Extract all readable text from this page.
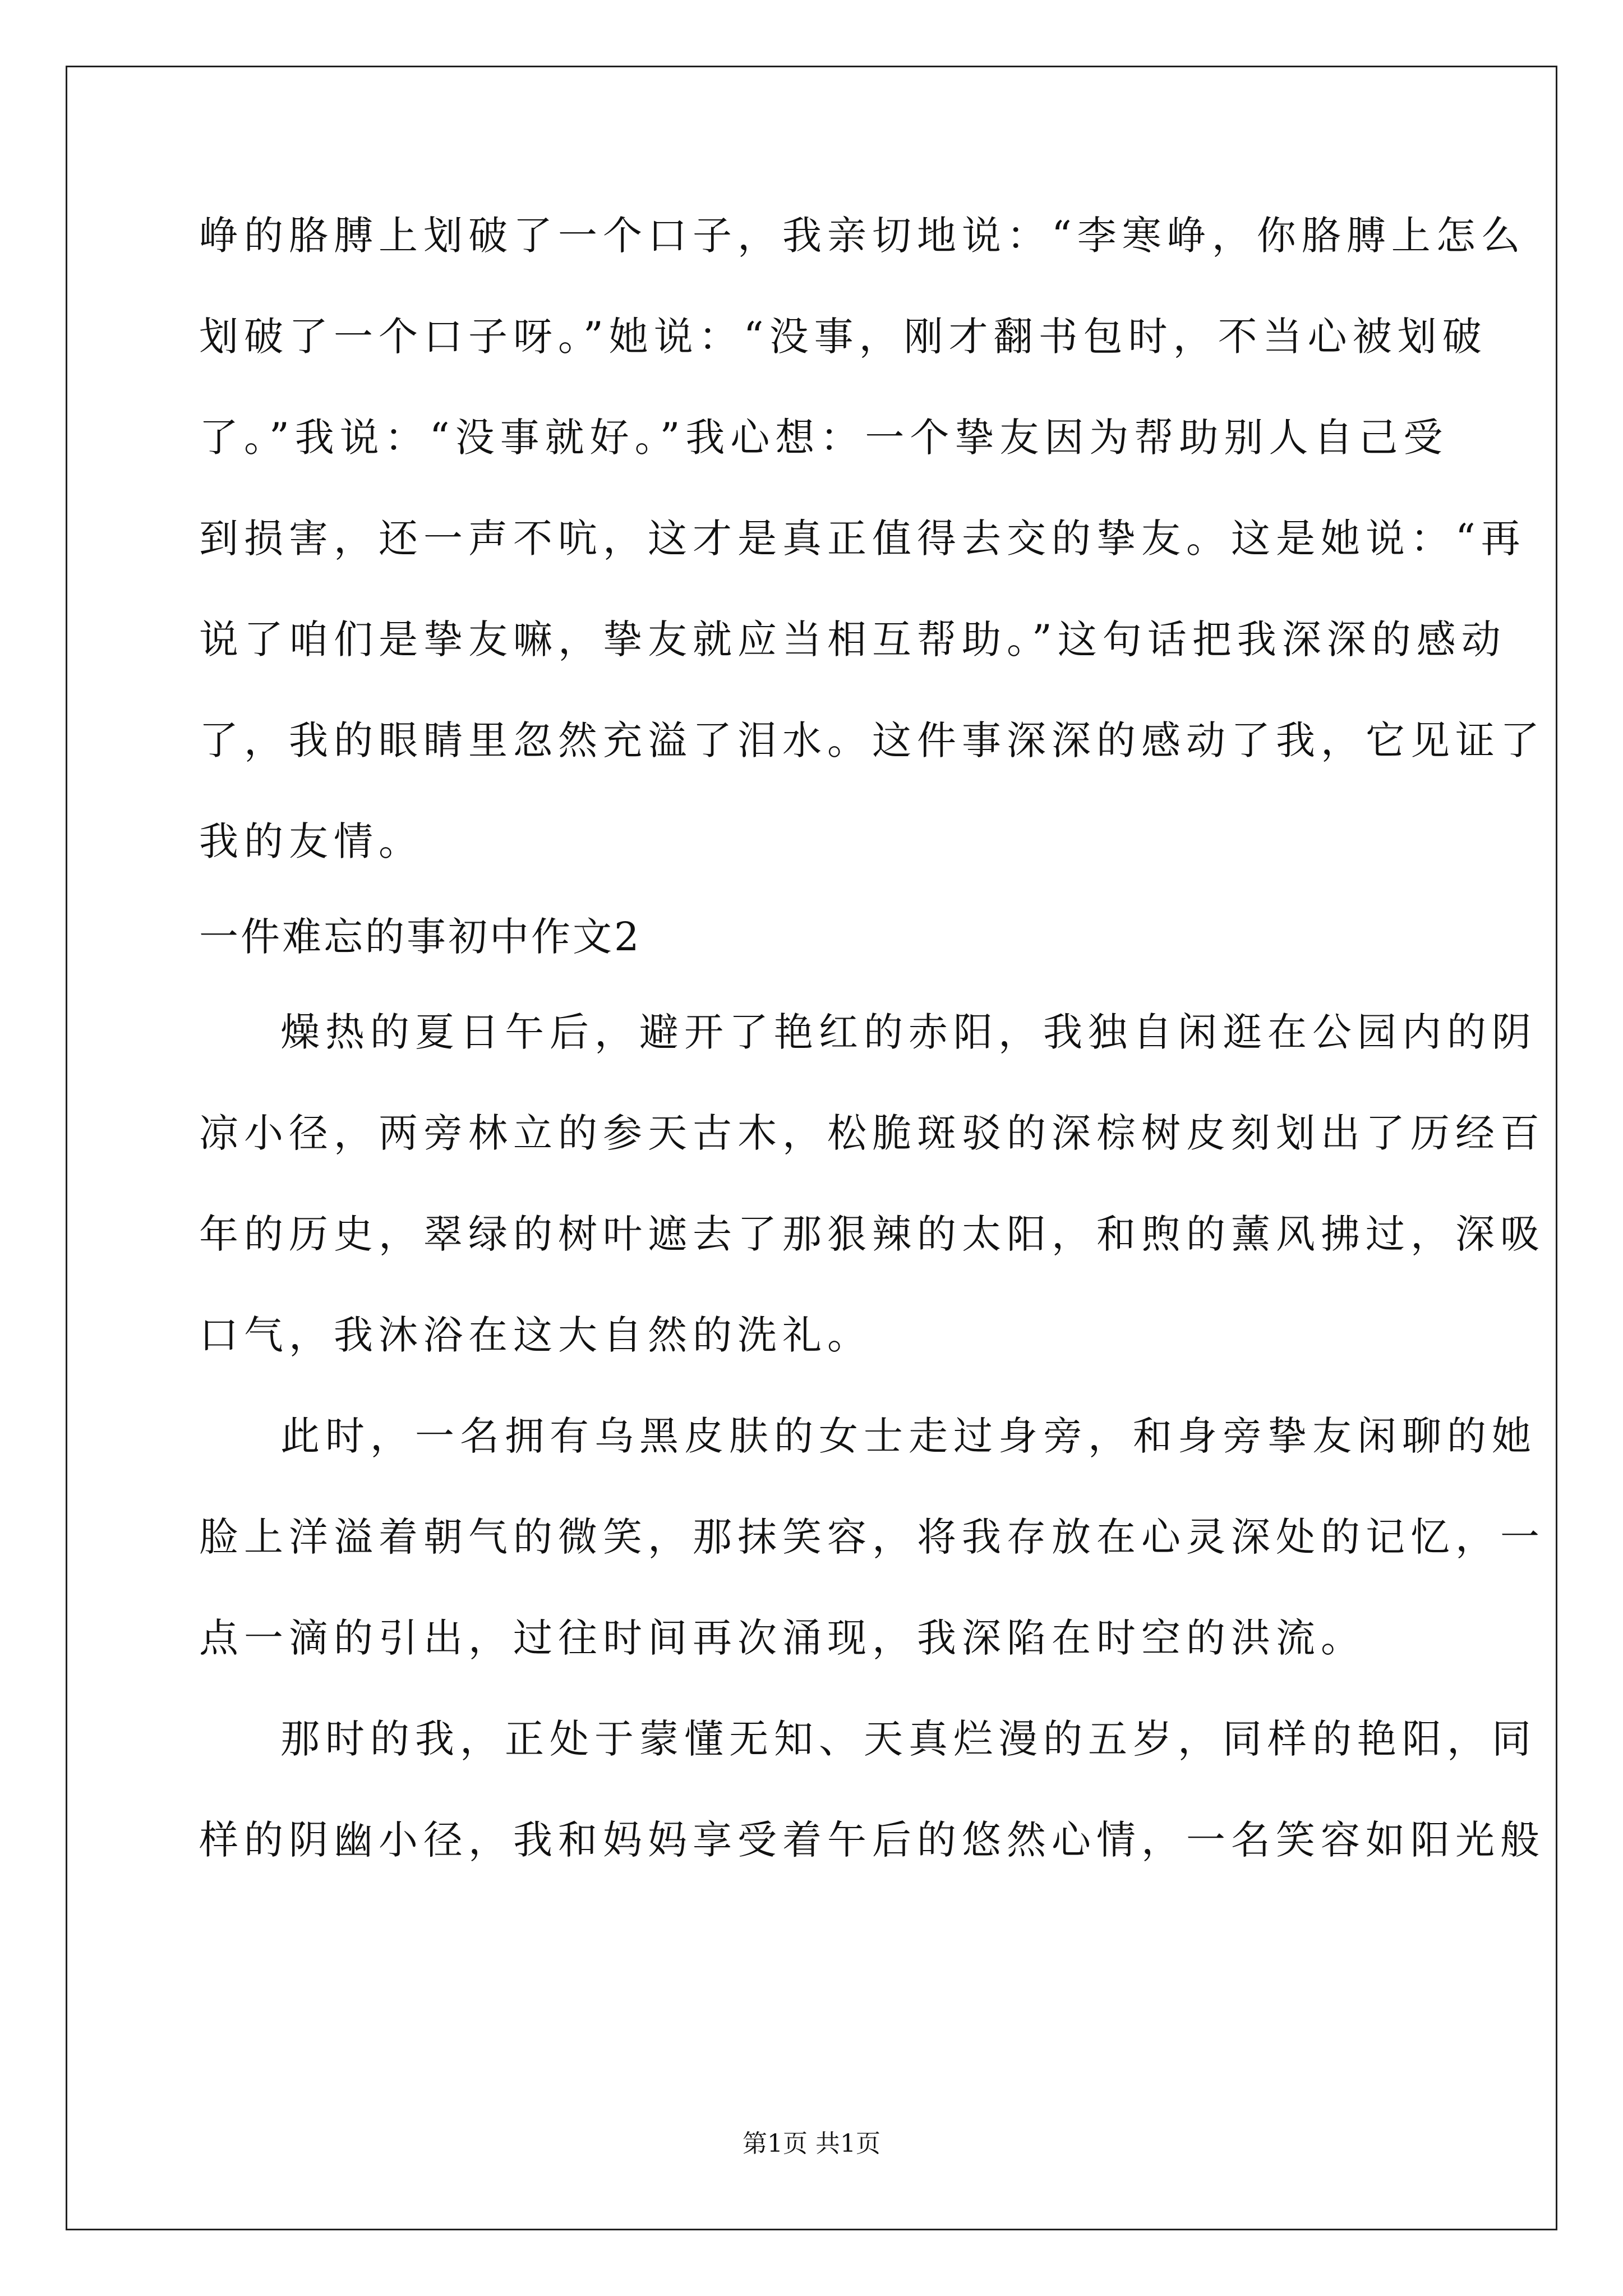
峥的胳膊上划破了一个口子，我亲切地说：“李寒峥，你胳膊上怎么
划破了一个口子呀。”她说：“没事，刚才翻书包时，不当心被划破
了。”我说：“没事就好。”我心想：一个挚友因为帮助别人自己受
到损害，还一声不吭，这才是真正值得去交的挚友。这是她说：“再
说了咱们是挚友嘛，挚友就应当相互帮助。”这句话把我深深的感动
了，我的眼睛里忽然充溢了泪水。这件事深深的感动了我，它见证了
我的友情。
一件难忘的事初中作文2
燥热的夏日午后，避开了艳红的赤阳，我独自闲逛在公园内的阴
凉小径，两旁林立的参天古木，松脆斑驳的深棕树皮刻划出了历经百
年的历史，翠绿的树叶遮去了那狠辣的太阳，和煦的薰风拂过，深吸
口气，我沐浴在这大自然的洗礼。
此时，一名拥有乌黑皮肤的女士走过身旁，和身旁挚友闲聊的她
脸上洋溢着朝气的微笑，那抹笑容，将我存放在心灵深处的记忆，一
点一滴的引出，过往时间再次涌现，我深陷在时空的洪流。
那时的我，正处于蒙懂无知、天真烂漫的五岁，同样的艳阳，同
样的阴幽小径，我和妈妈享受着午后的悠然心情，一名笑容如阳光般
第1页 共1页
